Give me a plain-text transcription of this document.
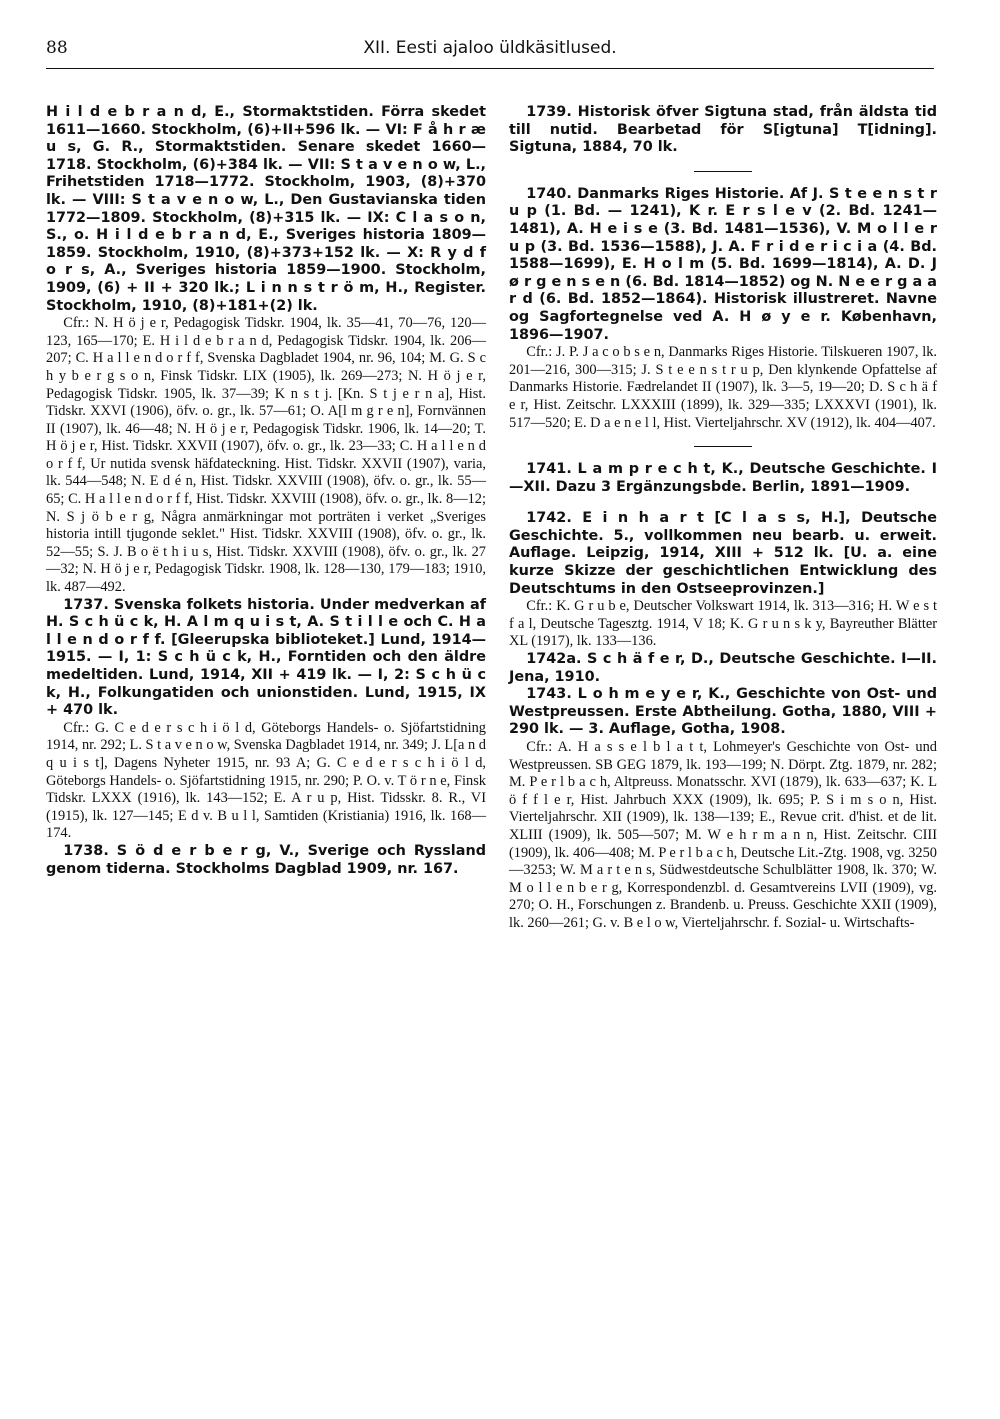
88	XII. Eesti ajaloo üldkäsitlused.

H i l d e b r a n d, E., Stormaktstiden. Förra skedet 1611—1660. Stockholm, (6)+II+596 lk. — VI: F å h r æ u s, G. R., Stormaktstiden. Senare skedet 1660—1718. Stockholm, (6)+384 lk. — VII: S t a v e n o w, L., Frihetstiden 1718—1772. Stockholm, 1903, (8)+370 lk. — VIII: S t a v e n o w, L., Den Gustavianska tiden 1772—1809. Stockholm, (8)+315 lk. — IX: C l a s o n, S., o. H i l d e b r a n d, E., Sveriges historia 1809—1859. Stockholm, 1910, (8)+373+152 lk. — X: R y d f o r s, A., Sveriges historia 1859—1900. Stockholm, 1909, (6) + II + 320 lk.; L i n n s t r ö m, H., Register. Stockholm, 1910, (8)+181+(2) lk.

Cfr.: N. H ö j e r, Pedagogisk Tidskr. 1904, lk. 35—41, 70—76, 120—123, 165—170; E. H i l d e b r a n d, Pedagogisk Tidskr. 1904, lk. 206—207; C. H a l l e n d o r f f, Svenska Dagbladet 1904, nr. 96, 104; M. G. S c h y b e r g s o n, Finsk Tidskr. LIX (1905), lk. 269—273; N. H ö j e r, Pedagogisk Tidskr. 1905, lk. 37—39; K n s t j. [Kn. S t j e r n a], Hist. Tidskr. XXVI (1906), öfv. o. gr., lk. 57—61; O. A[l m g r e n], Fornvännen II (1907), lk. 46—48; N. H ö j e r, Pedagogisk Tidskr. 1906, lk. 14—20; T. H ö j e r, Hist. Tidskr. XXVII (1907), öfv. o. gr., lk. 23—33; C. H a l l e n d o r f f, Ur nutida svensk häfdateckning. Hist. Tidskr. XXVII (1907), varia, lk. 544—548; N. E d é n, Hist. Tidskr. XXVIII (1908), öfv. o. gr., lk. 55—65; C. H a l l e n d o r f f, Hist. Tidskr. XXVIII (1908), öfv. o. gr., lk. 8—12; N. S j ö b e r g, Några anmärkningar mot porträten i verket „Sveriges historia intill tjugonde seklet." Hist. Tidskr. XXVIII (1908), öfv. o. gr., lk. 52—55; S. J. B o ë t h i u s, Hist. Tidskr. XXVIII (1908), öfv. o. gr., lk. 27—32; N. H ö j e r, Pedagogisk Tidskr. 1908, lk. 128—130, 179—183; 1910, lk. 487—492.

1737. Svenska folkets historia. Under medverkan af H. S c h ü c k, H. A l m q u i s t, A. S t i l l e och C. H a l l e n d o r f f. [Gleerupska biblioteket.] Lund, 1914—1915. — I, 1: S c h ü c k, H., Forntiden och den äldre medeltiden. Lund, 1914, XII + 419 lk. — I, 2: S c h ü c k, H., Folkungatiden och unionstiden. Lund, 1915, IX + 470 lk.

Cfr.: G. C e d e r s c h i ö l d, Göteborgs Handels- o. Sjöfartstidning 1914, nr. 292; L. S t a v e n o w, Svenska Dagbladet 1914, nr. 349; J. L[a n d q u i s t], Dagens Nyheter 1915, nr. 93 A; G. C e d e r s c h i ö l d, Göteborgs Handels- o. Sjöfartstidning 1915, nr. 290; P. O. v. T ö r n e, Finsk Tidskr. LXXX (1916), lk. 143—152; E. A r u p, Hist. Tidsskr. 8. R., VI (1915), lk. 127—145; E d v. B u l l, Samtiden (Kristiania) 1916, lk. 168—174.

1738. S ö d e r b e r g, V., Sverige och Ryssland genom tiderna. Stockholms Dagblad 1909, nr. 167.

1739. Historisk öfver Sigtuna stad, från äldsta tid till nutid. Bearbetad för S[igtuna] T[idning]. Sigtuna, 1884, 70 lk.

1740. Danmarks Riges Historie. Af J. S t e e n s t r u p (1. Bd. — 1241), K r. E r s l e v (2. Bd. 1241—1481), A. H e i s e (3. Bd. 1481—1536), V. M o l l e r u p (3. Bd. 1536—1588), J. A. F r i d e r i c i a (4. Bd. 1588—1699), E. H o l m (5. Bd. 1699—1814), A. D. J ø r g e n s e n (6. Bd. 1814—1852) og N. N e e r g a a r d (6. Bd. 1852—1864). Historisk illustreret. Navne og Sagfortegnelse ved A. H ø y e r. København, 1896—1907.

Cfr.: J. P. J a c o b s e n, Danmarks Riges Historie. Tilskueren 1907, lk. 201—216, 300—315; J. S t e e n s t r u p, Den klynkende Opfattelse af Danmarks Historie. Fædrelandet II (1907), lk. 3—5, 19—20; D. S c h ä f e r, Hist. Zeitschr. LXXXIII (1899), lk. 329—335; LXXXVI (1901), lk. 517—520; E. D a e n e l l, Hist. Vierteljahrschr. XV (1912), lk. 404—407.

1741. L a m p r e c h t, K., Deutsche Geschichte. I—XII. Dazu 3 Ergänzungsbde. Berlin, 1891—1909.

1742. E i n h a r t [C l a s s, H.], Deutsche Geschichte. 5., vollkommen neu bearb. u. erweit. Auflage. Leipzig, 1914, XIII + 512 lk. [U. a. eine kurze Skizze der geschichtlichen Entwicklung des Deutschtums in den Ostseeprovinzen.]

Cfr.: K. G r u b e, Deutscher Volkswart 1914, lk. 313—316; H. W e s t f a l, Deutsche Tagesztg. 1914, V 18; K. G r u n s k y, Bayreuther Blätter XL (1917), lk. 133—136.

1742a. S c h ä f e r, D., Deutsche Geschichte. I—II. Jena, 1910.

1743. L o h m e y e r, K., Geschichte von Ost- und Westpreussen. Erste Abtheilung. Gotha, 1880, VIII + 290 lk. — 3. Auflage, Gotha, 1908.

Cfr.: A. H a s s e l b l a t t, Lohmeyer's Geschichte von Ost- und Westpreussen. SB GEG 1879, lk. 193—199; N. Dörpt. Ztg. 1879, nr. 282; M. P e r l b a c h, Altpreuss. Monatsschr. XVI (1879), lk. 633—637; K. L ö f f l e r, Hist. Jahrbuch XXX (1909), lk. 695; P. S i m s o n, Hist. Vierteljahrschr. XII (1909), lk. 138—139; E., Revue crit. d'hist. et de lit. XLIII (1909), lk. 505—507; M. W e h r m a n n, Hist. Zeitschr. CIII (1909), lk. 406—408; M. P e r l b a c h, Deutsche Lit.-Ztg. 1908, vg. 3250—3253; W. M a r t e n s, Südwestdeutsche Schulblätter 1908, lk. 370; W. M o l l e n b e r g, Korrespondenzbl. d. Gesamtvereins LVII (1909), vg. 270; O. H., Forschungen z. Brandenb. u. Preuss. Geschichte XXII (1909), lk. 260—261; G. v. B e l o w, Vierteljahrschr. f. Sozial- u. Wirtschafts-
